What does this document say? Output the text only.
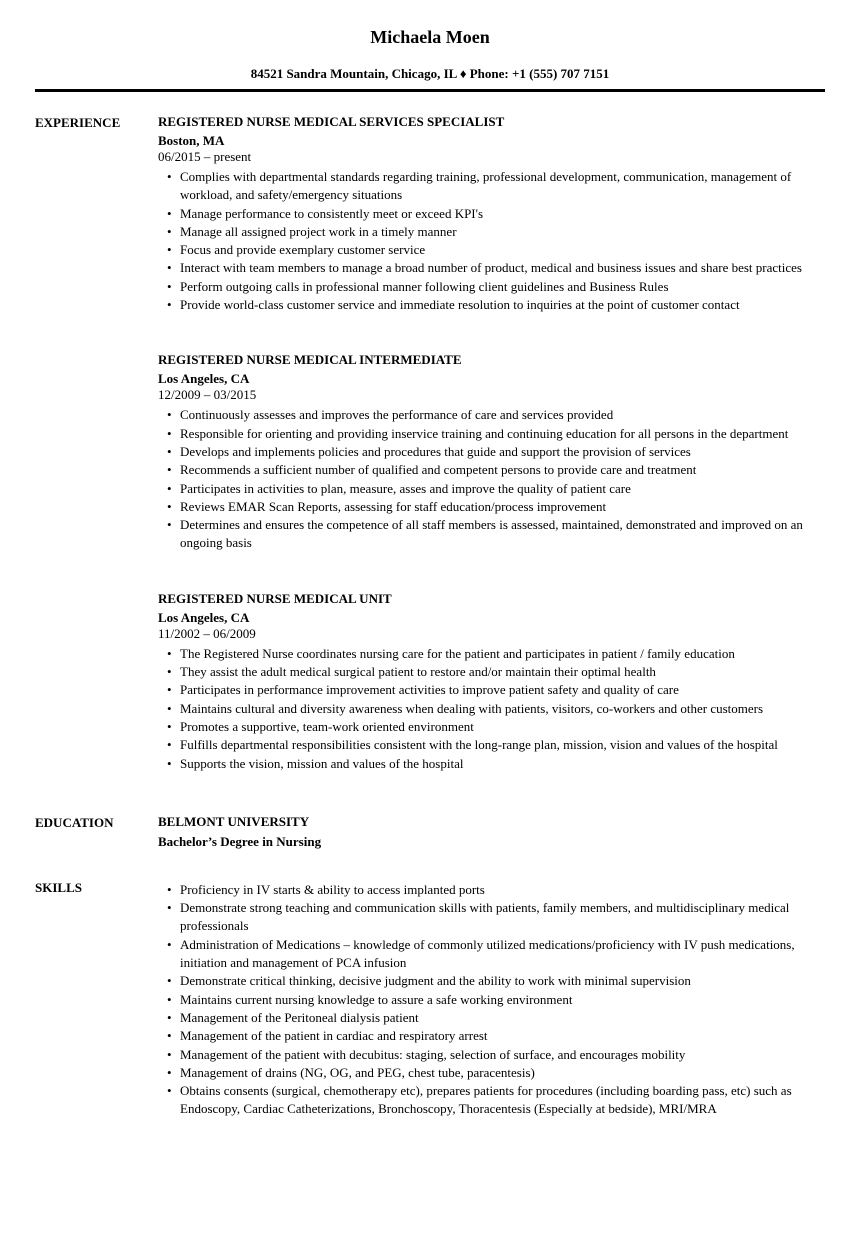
Michaela Moen
84521 Sandra Mountain, Chicago, IL ♦ Phone: +1 (555) 707 7151
EXPERIENCE	REGISTERED NURSE MEDICAL SERVICES SPECIALIST
Boston, MA
06/2015 – present
• Complies with departmental standards regarding training, professional development, communication, management of workload, and safety/emergency situations
• Manage performance to consistently meet or exceed KPI's
• Manage all assigned project work in a timely manner
• Focus and provide exemplary customer service
• Interact with team members to manage a broad number of product, medical and business issues and share best practices
• Perform outgoing calls in professional manner following client guidelines and Business Rules
• Provide world-class customer service and immediate resolution to inquiries at the point of customer contact
REGISTERED NURSE MEDICAL INTERMEDIATE
Los Angeles, CA
12/2009 – 03/2015
• Continuously assesses and improves the performance of care and services provided
• Responsible for orienting and providing inservice training and continuing education for all persons in the department
• Develops and implements policies and procedures that guide and support the provision of services
• Recommends a sufficient number of qualified and competent persons to provide care and treatment
• Participates in activities to plan, measure, asses and improve the quality of patient care
• Reviews EMAR Scan Reports, assessing for staff education/process improvement
• Determines and ensures the competence of all staff members is assessed, maintained, demonstrated and improved on an ongoing basis
REGISTERED NURSE MEDICAL UNIT
Los Angeles, CA
11/2002 – 06/2009
• The Registered Nurse coordinates nursing care for the patient and participates in patient / family education
• They assist the adult medical surgical patient to restore and/or maintain their optimal health
• Participates in performance improvement activities to improve patient safety and quality of care
• Maintains cultural and diversity awareness when dealing with patients, visitors, co-workers and other customers
• Promotes a supportive, team-work oriented environment
• Fulfills departmental responsibilities consistent with the long-range plan, mission, vision and values of the hospital
• Supports the vision, mission and values of the hospital
EDUCATION	BELMONT UNIVERSITY
Bachelor’s Degree in Nursing
SKILLS	• Proficiency in IV starts & ability to access implanted ports
• Demonstrate strong teaching and communication skills with patients, family members, and multidisciplinary medical professionals
• Administration of Medications – knowledge of commonly utilized medications/proficiency with IV push medications, initiation and management of PCA infusion
• Demonstrate critical thinking, decisive judgment and the ability to work with minimal supervision
• Maintains current nursing knowledge to assure a safe working environment
• Management of the Peritoneal dialysis patient
• Management of the patient in cardiac and respiratory arrest
• Management of the patient with decubitus: staging, selection of surface, and encourages mobility
• Management of drains (NG, OG, and PEG, chest tube, paracentesis)
• Obtains consents (surgical, chemotherapy etc), prepares patients for procedures (including boarding pass, etc) such as Endoscopy, Cardiac Catheterizations, Bronchoscopy, Thoracentesis (Especially at bedside), MRI/MRA
